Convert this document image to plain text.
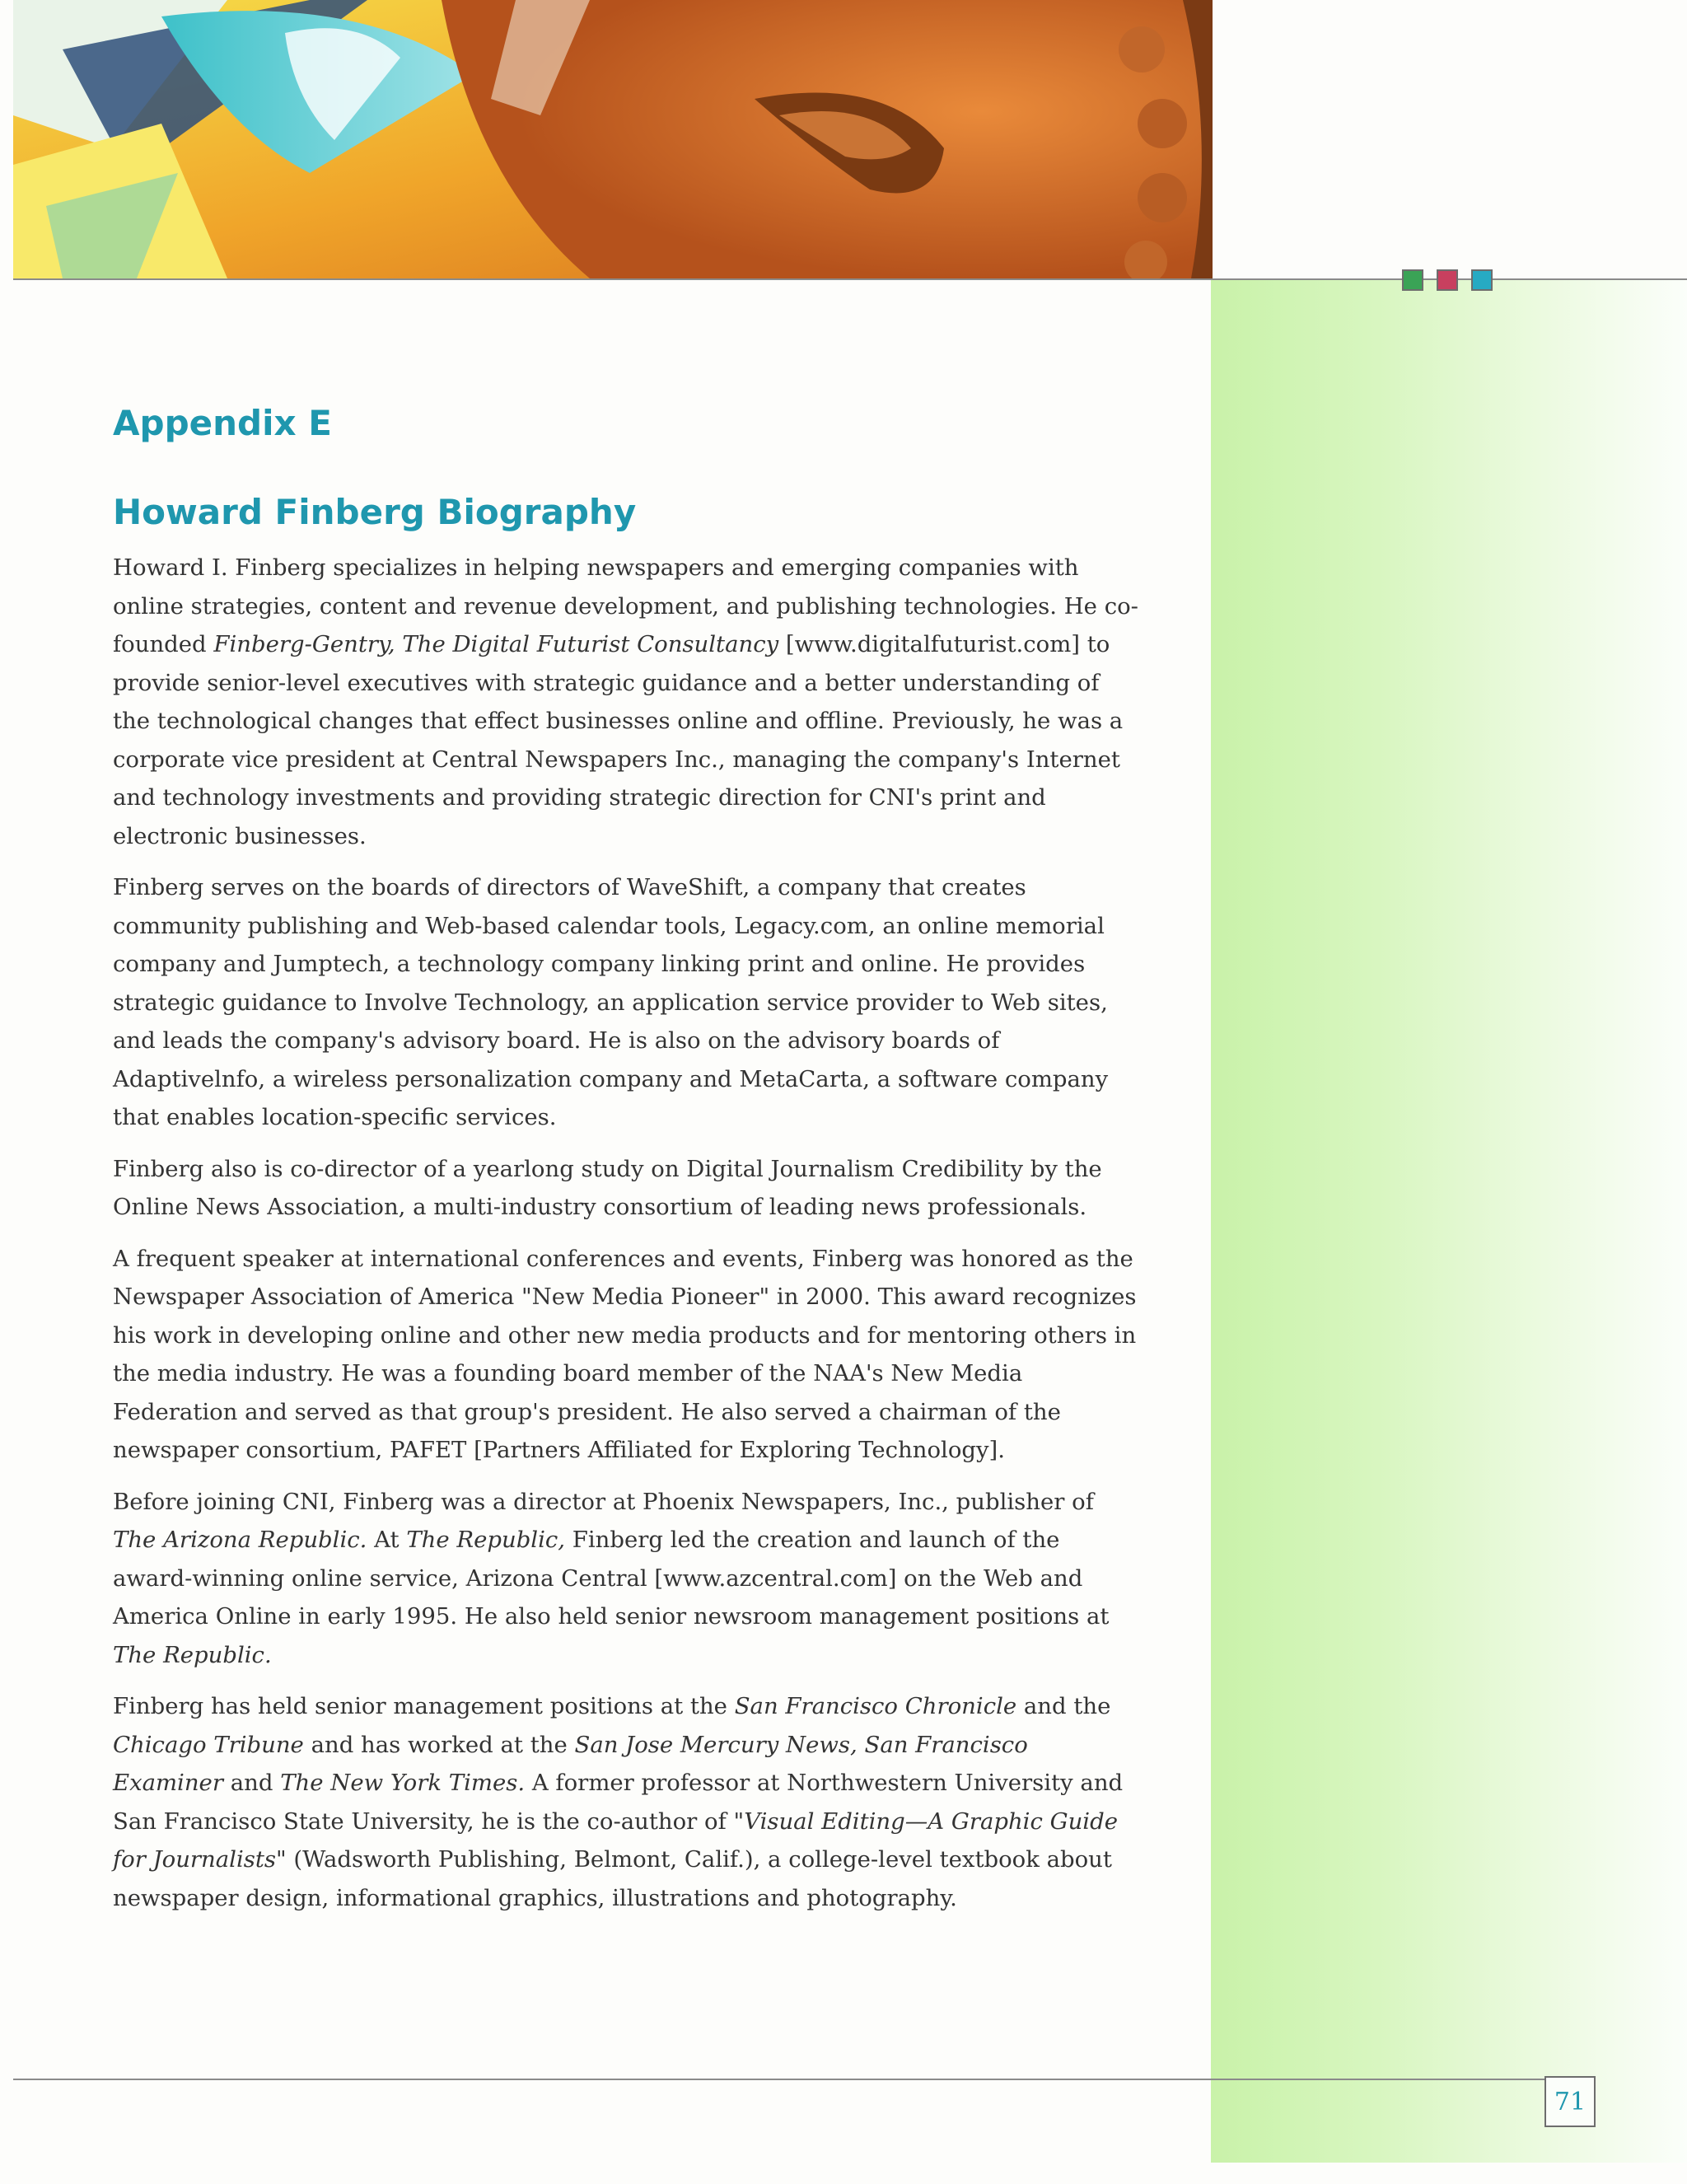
Appendix E
Howard Finberg Biography

Howard I. Finberg specializes in helping newspapers and emerging companies with online strategies, content and revenue development, and publishing technologies. He co-founded Finberg-Gentry, The Digital Futurist Consultancy [www.digitalfuturist.com] to provide senior-level executives with strategic guidance and a better understanding of the technological changes that effect businesses online and offline. Previously, he was a corporate vice president at Central Newspapers Inc., managing the company's Internet and technology investments and providing strategic direction for CNI's print and electronic businesses.

Finberg serves on the boards of directors of WaveShift, a company that creates community publishing and Web-based calendar tools, Legacy.com, an online memorial company and Jumptech, a technology company linking print and online. He provides strategic guidance to Involve Technology, an application service provider to Web sites, and leads the company's advisory board. He is also on the advisory boards of Adaptivelnfo, a wireless personalization company and MetaCarta, a software company that enables location-specific services.

Finberg also is co-director of a yearlong study on Digital Journalism Credibility by the Online News Association, a multi-industry consortium of leading news professionals.

A frequent speaker at international conferences and events, Finberg was honored as the Newspaper Association of America "New Media Pioneer" in 2000. This award recognizes his work in developing online and other new media products and for mentoring others in the media industry. He was a founding board member of the NAA's New Media Federation and served as that group's president. He also served a chairman of the newspaper consortium, PAFET [Partners Affiliated for Exploring Technology].

Before joining CNI, Finberg was a director at Phoenix Newspapers, Inc., publisher of The Arizona Republic. At The Republic, Finberg led the creation and launch of the award-winning online service, Arizona Central [www.azcentral.com] on the Web and America Online in early 1995. He also held senior newsroom management positions at The Republic.

Finberg has held senior management positions at the San Francisco Chronicle and the Chicago Tribune and has worked at the San Jose Mercury News, San Francisco Examiner and The New York Times. A former professor at Northwestern University and San Francisco State University, he is the co-author of "Visual Editing—A Graphic Guide for Journalists" (Wadsworth Publishing, Belmont, Calif.), a college-level textbook about newspaper design, informational graphics, illustrations and photography.

71
